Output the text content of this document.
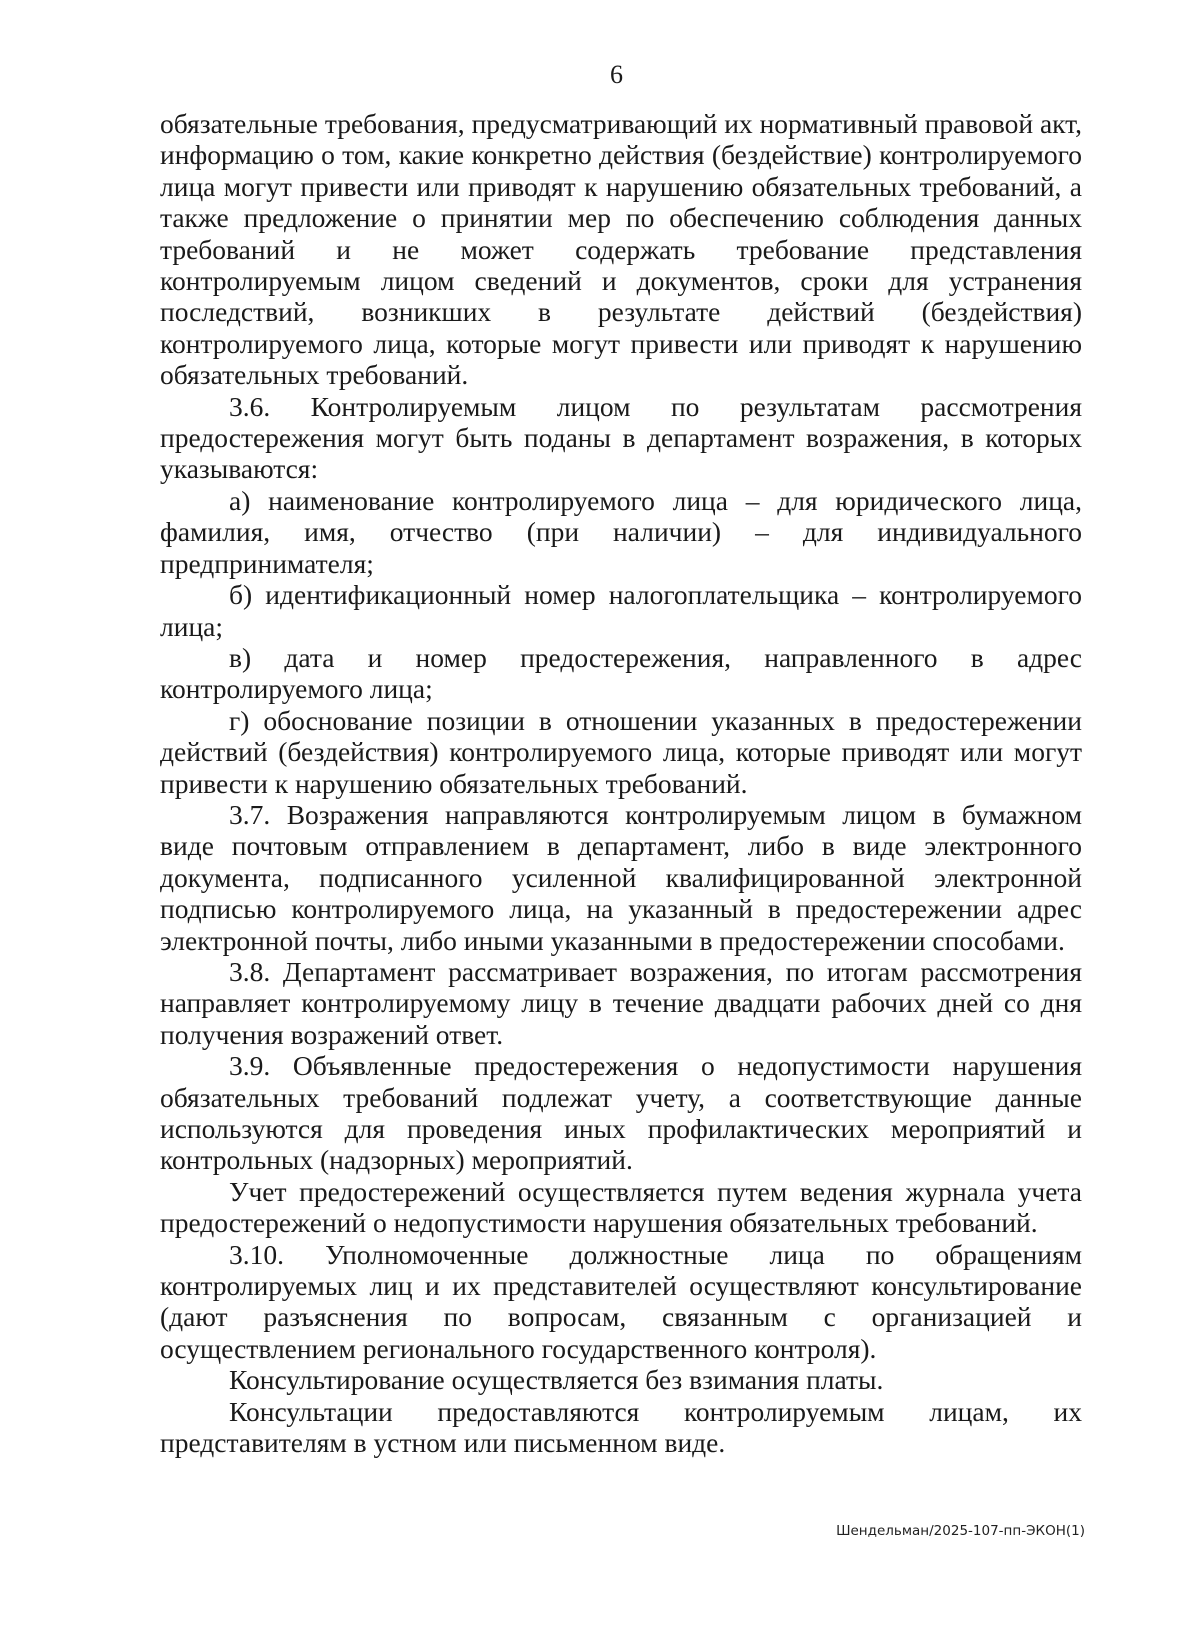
6

обязательные требования, предусматривающий их нормативный правовой акт, информацию о том, какие конкретно действия (бездействие) контролируемого лица могут привести или приводят к нарушению обязательных требований, а также предложение о принятии мер по обеспечению соблюдения данных требований и не может содержать требование представления контролируемым лицом сведений и документов, сроки для устранения последствий, возникших в результате действий (бездействия) контролируемого лица, которые могут привести или приводят к нарушению обязательных требований.

3.6. Контролируемым лицом по результатам рассмотрения предостережения могут быть поданы в департамент возражения, в которых указываются:

а) наименование контролируемого лица – для юридического лица, фамилия, имя, отчество (при наличии) – для индивидуального предпринимателя;

б) идентификационный номер налогоплательщика – контролируемого лица;

в) дата и номер предостережения, направленного в адрес контролируемого лица;

г) обоснование позиции в отношении указанных в предостережении действий (бездействия) контролируемого лица, которые приводят или могут привести к нарушению обязательных требований.

3.7. Возражения направляются контролируемым лицом в бумажном виде почтовым отправлением в департамент, либо в виде электронного документа, подписанного усиленной квалифицированной электронной подписью контролируемого лица, на указанный в предостережении адрес электронной почты, либо иными указанными в предостережении способами.

3.8. Департамент рассматривает возражения, по итогам рассмотрения направляет контролируемому лицу в течение двадцати рабочих дней со дня получения возражений ответ.

3.9. Объявленные предостережения о недопустимости нарушения обязательных требований подлежат учету, а соответствующие данные используются для проведения иных профилактических мероприятий и контрольных (надзорных) мероприятий.

Учет предостережений осуществляется путем ведения журнала учета предостережений о недопустимости нарушения обязательных требований.

3.10. Уполномоченные должностные лица по обращениям контролируемых лиц и их представителей осуществляют консультирование (дают разъяснения по вопросам, связанным с организацией и осуществлением регионального государственного контроля).

Консультирование осуществляется без взимания платы.

Консультации предоставляются контролируемым лицам, их представителям в устном или письменном виде.

Шендельман/2025-107-пп-ЭКОН(1)
